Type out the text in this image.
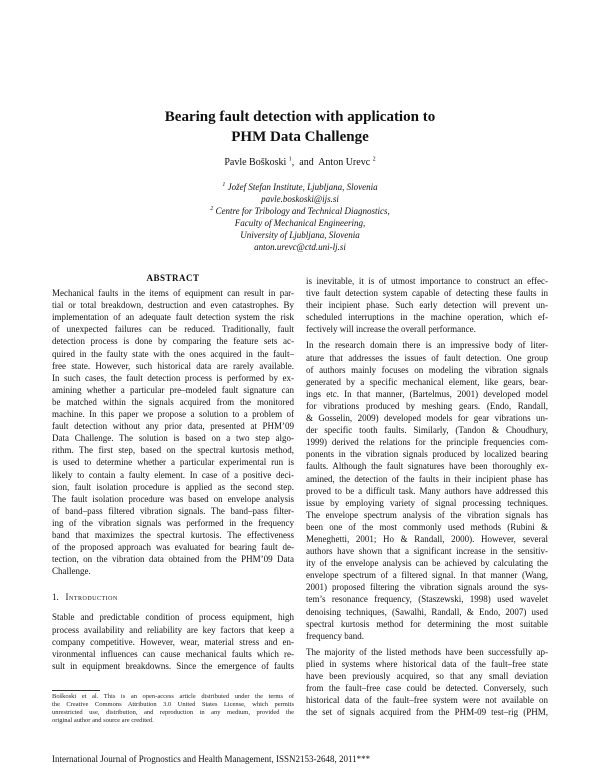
Bearing fault detection with application to
PHM Data Challenge
Pavle Boškoski $^1$,  and Anton Urevc $^2$
$^1$ Jožef Stefan Institute, Ljubljana, Slovenia
pavle.boskoski@ijs.si
$^2$ Centre for Tribology and Technical Diagnostics,
Faculty of Mechanical Engineering,
University of Ljubljana, Slovenia
anton.urevc@ctd.uni-lj.si
ABSTRACT
Mechanical faults in the items of equipment can result in par-
tial or total breakdown, destruction and even catastrophes. By
implementation of an adequate fault detection system the risk
of unexpected failures can be reduced. Traditionally, fault
detection process is done by comparing the feature sets ac-
quired in the faulty state with the ones acquired in the fault–
free state. However, such historical data are rarely available.
In such cases, the fault detection process is performed by ex-
amining whether a particular pre–modeled fault signature can
be matched within the signals acquired from the monitored
machine. In this paper we propose a solution to a problem of
fault detection without any prior data, presented at PHM’09
Data Challenge. The solution is based on a two step algo-
rithm. The first step, based on the spectral kurtosis method,
is used to determine whether a particular experimental run is
likely to contain a faulty element. In case of a positive deci-
sion, fault isolation procedure is applied as the second step.
The fault isolation procedure was based on envelope analysis
of band–pass filtered vibration signals. The band–pass filter-
ing of the vibration signals was performed in the frequency
band that maximizes the spectral kurtosis. The effectiveness
of the proposed approach was evaluated for bearing fault de-
tection, on the vibration data obtained from the PHM’09 Data
Challenge.
1. Introduction
Stable and predictable condition of process equipment, high
process availability and reliability are key factors that keep a
company competitive. However, wear, material stress and en-
vironmental influences can cause mechanical faults which re-
sult in equipment breakdowns. Since the emergence of faults
is inevitable, it is of utmost importance to construct an effec-
tive fault detection system capable of detecting these faults in
their incipient phase. Such early detection will prevent un-
scheduled interruptions in the machine operation, which ef-
fectively will increase the overall performance.
In the research domain there is an impressive body of liter-
ature that addresses the issues of fault detection. One group
of authors mainly focuses on modeling the vibration signals
generated by a specific mechanical element, like gears, bear-
ings etc. In that manner, (Bartelmus, 2001) developed model
for vibrations produced by meshing gears. (Endo, Randall,
& Gosselin, 2009) developed models for gear vibrations un-
der specific tooth faults. Similarly, (Tandon & Choudhury,
1999) derived the relations for the principle frequencies com-
ponents in the vibration signals produced by localized bearing
faults. Although the fault signatures have been thoroughly ex-
amined, the detection of the faults in their incipient phase has
proved to be a difficult task. Many authors have addressed this
issue by employing variety of signal processing techniques.
The envelope spectrum analysis of the vibration signals has
been one of the most commonly used methods (Rubini &
Meneghetti, 2001; Ho & Randall, 2000). However, several
authors have shown that a significant increase in the sensitiv-
ity of the envelope analysis can be achieved by calculating the
envelope spectrum of a filtered signal. In that manner (Wang,
2001) proposed filtering the vibration signals around the sys-
tem’s resonance frequency, (Staszewski, 1998) used wavelet
denoising techniques, (Sawalhi, Randall, & Endo, 2007) used
spectral kurtosis method for determining the most suitable
frequency band.
The majority of the listed methods have been successfully ap-
plied in systems where historical data of the fault–free state
have been previously acquired, so that any small deviation
from the fault–free case could be detected. Conversely, such
historical data of the fault–free system were not available on
the set of signals acquired from the PHM-09 test–rig (PHM,
Boškoski et al. This is an open-access article distributed under the terms of
the Creative Commons Attribution 3.0 United States License, which permits
unrestricted use, distribution, and reproduction in any medium, provided the
original author and source are credited.
International Journal of Prognostics and Health Management, ISSN2153-2648, 2011***
